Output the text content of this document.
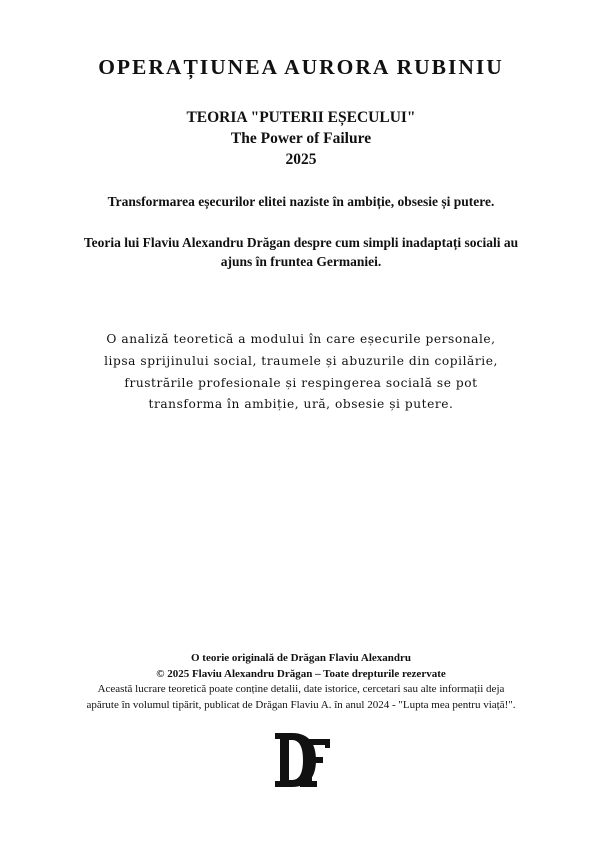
OPERAȚIUNEA AURORA RUBINIU
TEORIA "PUTERII EȘECULUI"
The Power of Failure
2025
Transformarea eșecurilor elitei naziste în ambiție, obsesie și putere.
Teoria lui Flaviu Alexandru Drăgan despre cum simpli inadaptați sociali au ajuns în fruntea Germaniei.
O analiză teoretică a modului în care eșecurile personale,
lipsa sprijinului social, traumele și abuzurile din copilărie,
frustrările profesionale și respingerea socială se pot
transforma în ambiție, ură, obsesie și putere.
O teorie originală de Drăgan Flaviu Alexandru
© 2025 Flaviu Alexandru Drăgan – Toate drepturile rezervate
Această lucrare teoretică poate conține detalii, date istorice, cercetari sau alte informații deja
apărute în volumul tipărit, publicat de Drăgan Flaviu A. în anul 2024 - "Lupta mea pentru viață!".
